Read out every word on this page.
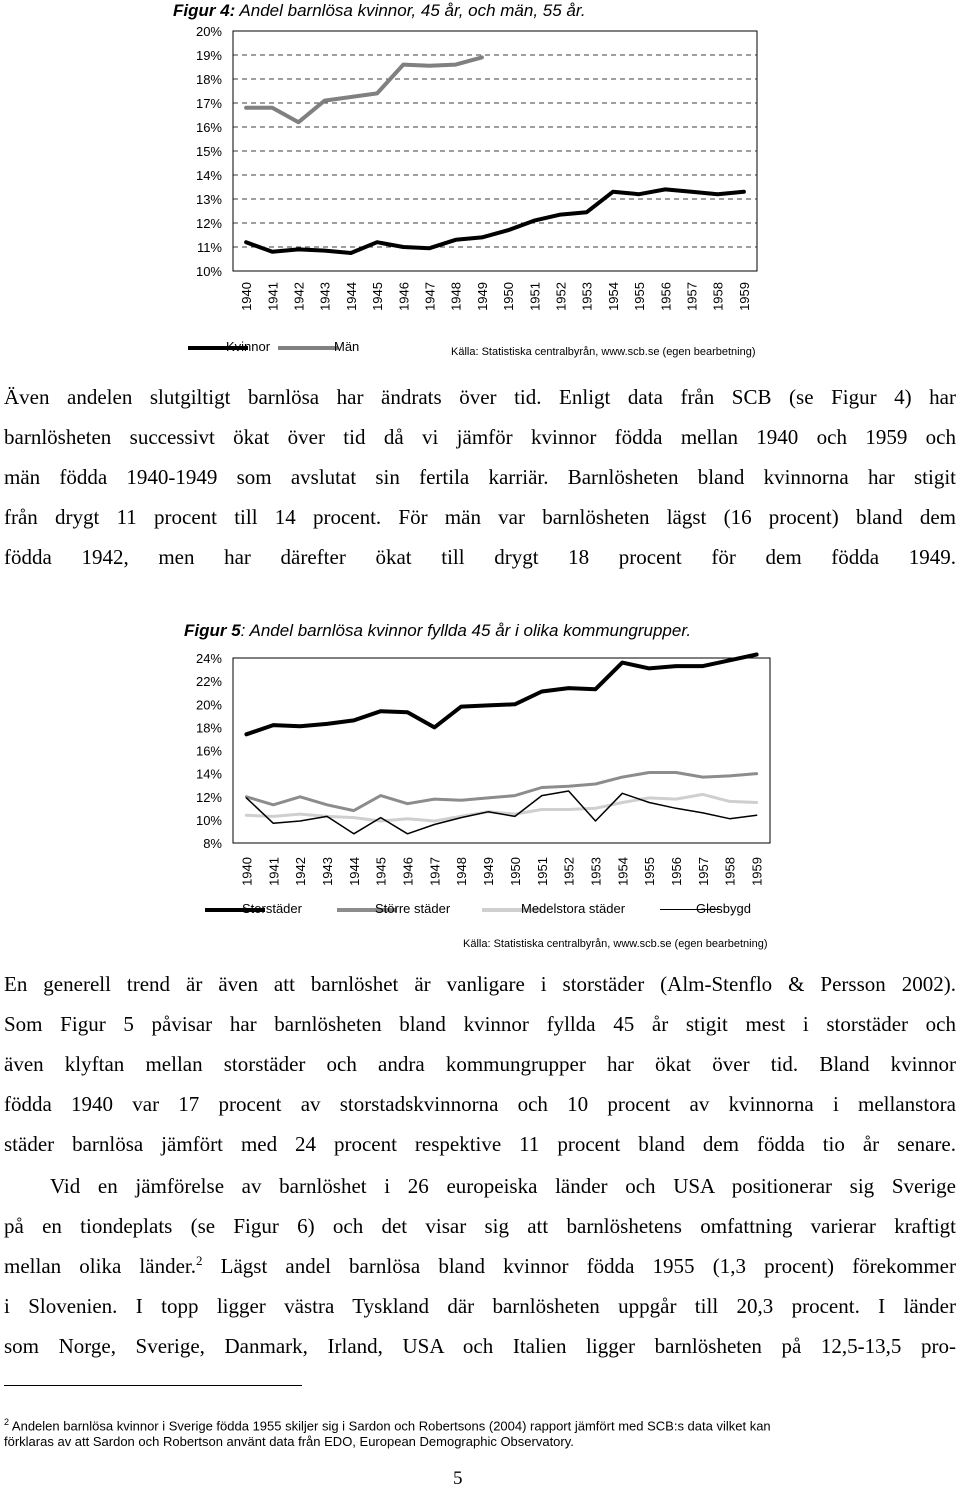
Figur 4: Andel barnlösa kvinnor, 45 år, och män, 55 år.
20%
19%
18%
17%
16%
15%
14%
13%
12%
11%
10%
1940 1941 1942 1943 1944 1945 1946 1947 1948 1949 1950 1951 1952 1953 1954 1955 1956 1957 1958 1959
Kvinnor	Män	Källa: Statistiska centralbyrån, www.scb.se (egen bearbetning)
Även andelen slutgiltigt barnlösa har ändrats över tid. Enligt data från SCB (se Figur 4) har
barnlösheten successivt ökat över tid då vi jämför kvinnor födda mellan 1940 och 1959 och
män födda 1940-1949 som avslutat sin fertila karriär. Barnlösheten bland kvinnorna har stigit
från drygt 11 procent till 14 procent. För män var barnlösheten lägst (16 procent) bland dem
födda 1942, men har därefter ökat till drygt 18 procent för dem födda 1949.
Figur 5: Andel barnlösa kvinnor fyllda 45 år i olika kommungrupper.
24%
22%
20%
18%
16%
14%
12%
10%
8%
1940 1941 1942 1943 1944 1945 1946 1947 1948 1949 1950 1951 1952 1953 1954 1955 1956 1957 1958 1959
Storstäder	Större städer	Medelstora städer	Glesbygd
Källa: Statistiska centralbyrån, www.scb.se (egen bearbetning)
En generell trend är även att barnlöshet är vanligare i storstäder (Alm-Stenflo & Persson 2002).
Som Figur 5 påvisar har barnlösheten bland kvinnor fyllda 45 år stigit mest i storstäder och
även klyftan mellan storstäder och andra kommungrupper har ökat över tid. Bland kvinnor
födda 1940 var 17 procent av storstadskvinnorna och 10 procent av kvinnorna i mellanstora
städer barnlösa jämfört med 24 procent respektive 11 procent bland dem födda tio år senare.
Vid en jämförelse av barnlöshet i 26 europeiska länder och USA positionerar sig Sverige
på en tiondeplats (se Figur 6) och det visar sig att barnlöshetens omfattning varierar kraftigt
mellan olika länder.$^2$ Lägst andel barnlösa bland kvinnor födda 1955 (1,3 procent) förekommer
i Slovenien. I topp ligger västra Tyskland där barnlösheten uppgår till 20,3 procent. I länder
som Norge, Sverige, Danmark, Irland, USA och Italien ligger barnlösheten på 12,5-13,5 pro-
$^2$ Andelen barnlösa kvinnor i Sverige födda 1955 skiljer sig i Sardon och Robertsons (2004) rapport jämfört med SCB:s data vilket kan
förklaras av att Sardon och Robertson använt data från EDO, European Demographic Observatory.
5
